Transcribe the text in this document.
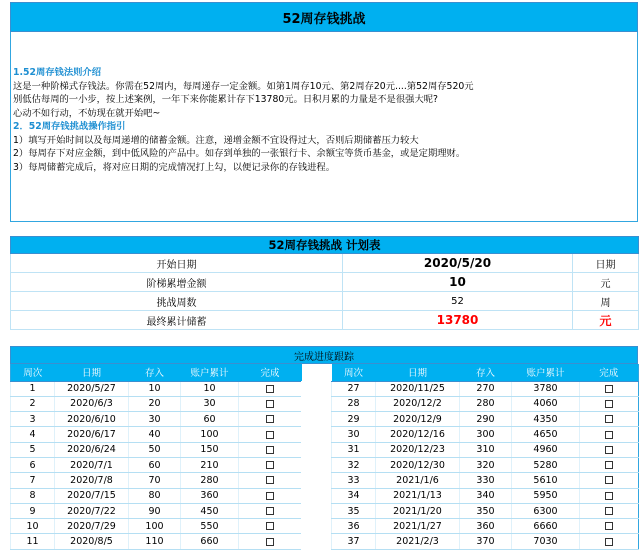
52周存钱挑战

1.52周存钱法则介绍

这是一种阶梯式存钱法。你需在52周内，每周递存一定金额。如第1周存10元、第2周存20元....第52周存520元

别低估每周的一小步，按上述案例，一年下来你能累计存下13780元。日积月累的力量是不是很强大呢?

心动不如行动，不妨现在就开始吧~

2．52周存钱挑战操作指引

1）填写开始时间以及每周递增的储蓄金额。注意，递增金额不宜设得过大，否则后期储蓄压力较大

2）每周存下对应金额，到中低风险的产品中。如存到单独的一张银行卡、余额宝等货币基金，或是定期理财。

3）每周储蓄完成后，将对应日期的完成情况打上勾，以便记录你的存钱进程。

52周存钱挑战 计划表		
开始日期	2020/5/20	日期
阶梯累增金额	10	元
挑战周数	52	周
最终累计储蓄	13780	元
完成进度跟踪
周次	日期	存入	账户累计	完成
1	2020/5/27	10	10	
2	2020/6/3	20	30	
3	2020/6/10	30	60	
4	2020/6/17	40	100	
5	2020/6/24	50	150	
6	2020/7/1	60	210	
7	2020/7/8	70	280	
8	2020/7/15	80	360	
9	2020/7/22	90	450	
10	2020/7/29	100	550	
11	2020/8/5	110	660	
周次	日期	存入	账户累计	完成
27	2020/11/25	270	3780	
28	2020/12/2	280	4060	
29	2020/12/9	290	4350	
30	2020/12/16	300	4650	
31	2020/12/23	310	4960	
32	2020/12/30	320	5280	
33	2021/1/6	330	5610	
34	2021/1/13	340	5950	
35	2021/1/20	350	6300	
36	2021/1/27	360	6660	
37	2021/2/3	370	7030	
